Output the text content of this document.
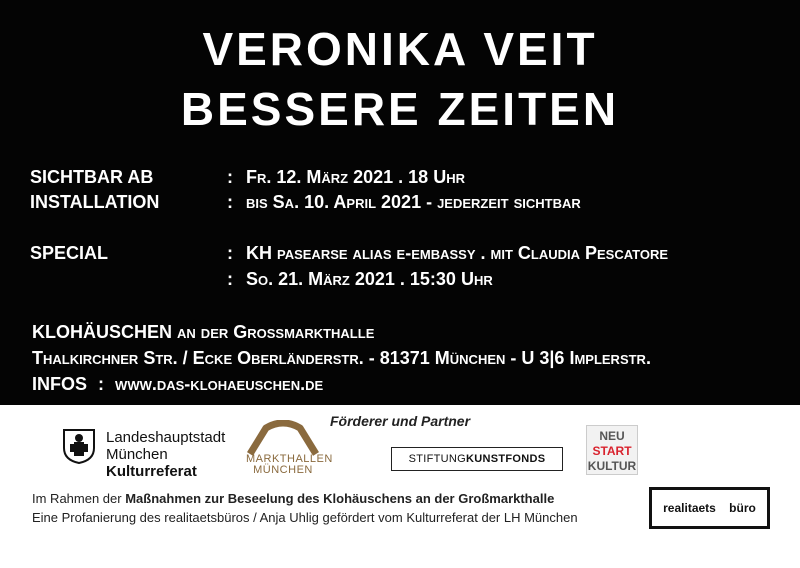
VERONIKA VEIT
BESSERE ZEITEN
SICHTBAR AB	: Fr. 12. März 2021 . 18 Uhr
INSTALLATION	: bis Sa. 10. April 2021 - jederzeit sichtbar
SPECIAL	: KH pasearse alias e-embassy . mit Claudia Pescatore
: So. 21. März 2021 . 15:30 Uhr
KLOHÄUSCHEN an der Großmarkthalle
Thalkirchner Str. / Ecke Oberländerstr. - 81371 München - U 3|6 Implerstr.
INFOS : www.das-klohaeuschen.de
Förderer und Partner
Landeshauptstadt
München
Kulturreferat
MARKTHALLEN
MÜNCHEN
STIFTUNGKUNSTFONDS
NEU
START
KULTUR
Im Rahmen der Maßnahmen zur Beseelung des Klohäuschens an der Großmarkthalle
Eine Profanierung des realitaetsbüros / Anja Uhlig gefördert vom Kulturreferat der LH München
realitaets büro
